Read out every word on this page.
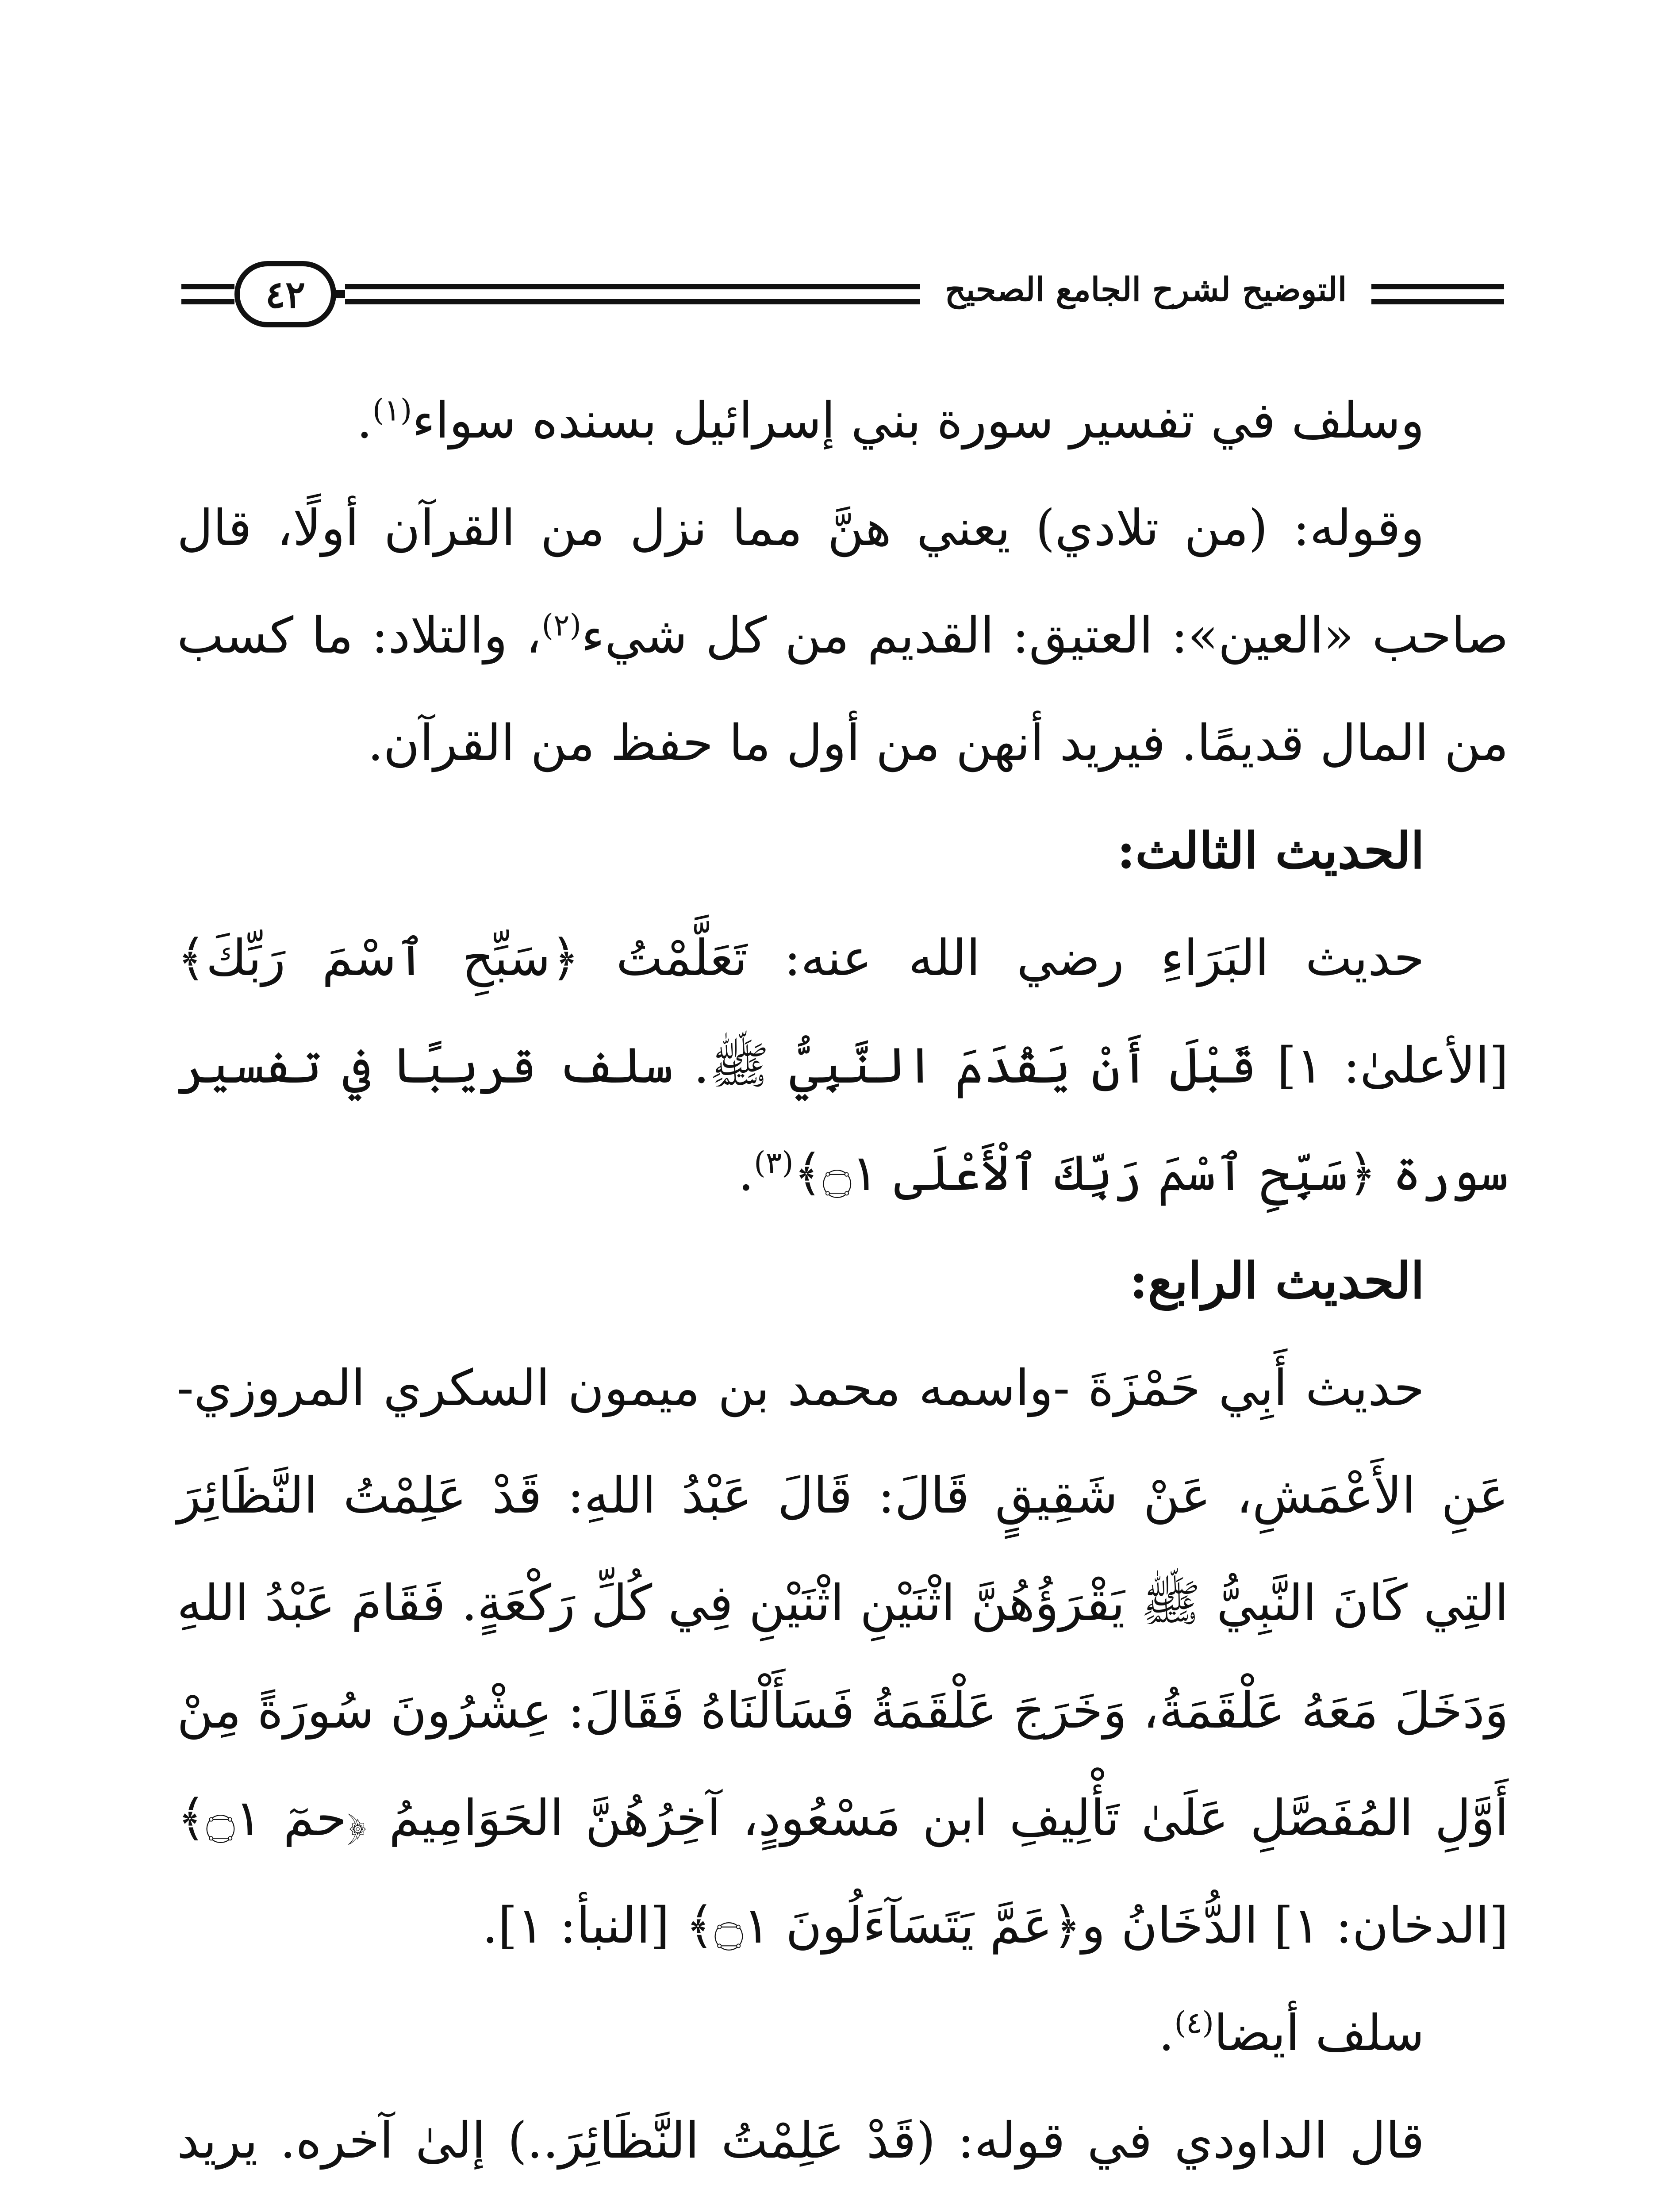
٤٢	التوضيح لشرح الجامع الصحيح

وسلف في تفسير سورة بني إسرائيل بسنده سواء$^{(١)}$.

وقوله: (من تلادي) يعني هنَّ مما نزل من القرآن أولًا، قال صاحب «العين»: العتيق: القديم من كل شيء$^{(٢)}$، والتلاد: ما كسب من المال قديمًا. فيريد أنهن من أول ما حفظ من القرآن.

الحديث الثالث:

حديث البَرَاءِ رضي الله عنه: تَعَلَّمْتُ ﴿سَبِّحِ ٱسْمَ رَبِّكَ﴾ [الأعلىٰ: ١] قَبْلَ أَنْ يَقْدَمَ النَّبِيُّ ﷺ. سلف قريبًا في تفسير سورة ﴿سَبِّحِ ٱسْمَ رَبِّكَ ٱلْأَعْلَى ۝١﴾$^{(٣)}$.

الحديث الرابع:

حديث أَبِي حَمْزَةَ -واسمه محمد بن ميمون السكري المروزي- عَنِ الأَعْمَشِ، عَنْ شَقِيقٍ قَالَ: قَالَ عَبْدُ اللهِ: قَدْ عَلِمْتُ النَّظَائِرَ التِي كَانَ النَّبِيُّ ﷺ يَقْرَؤُهُنَّ اثْنَيْنِ اثْنَيْنِ فِي كُلِّ رَكْعَةٍ. فَقَامَ عَبْدُ اللهِ وَدَخَلَ مَعَهُ عَلْقَمَةُ، وَخَرَجَ عَلْقَمَةُ فَسَأَلْنَاهُ فَقَالَ: عِشْرُونَ سُورَةً مِنْ أَوَّلِ المُفَصَّلِ عَلَىٰ تَأْلِيفِ ابن مَسْعُودٍ، آخِرُهُنَّ الحَوَامِيمُ ﴿حمٓ ۝١﴾ [الدخان: ١] الدُّخَانُ و﴿عَمَّ يَتَسَآءَلُونَ ۝١﴾ [النبأ: ١].

سلف أيضا$^{(٤)}$.

قال الداودي في قوله: (قَدْ عَلِمْتُ النَّظَائِرَ..) إلىٰ آخره. يريد
